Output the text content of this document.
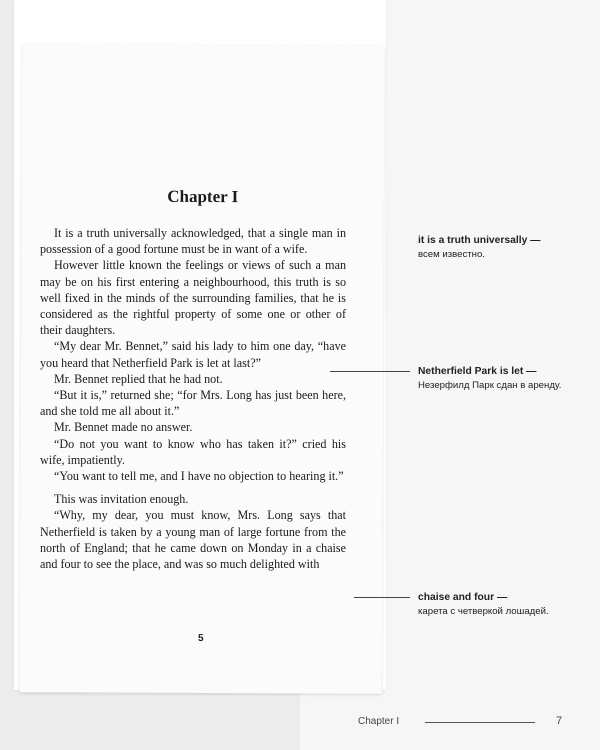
Chapter I
5

It is a truth universally acknowledged, that a single man in possession of a good fortune must be in want of a wife.

However little known the feelings or views of such a man may be on his first entering a neighbourhood, this truth is so well fixed in the minds of the surrounding families, that he is considered as the rightful property of some one or other of their daughters.

“My dear Mr. Bennet,” said his lady to him one day, “have you heard that Netherfield Park is let at last?”

Mr. Bennet replied that he had not.

“But it is,” returned she; “for Mrs. Long has just been here, and she told me all about it.”

Mr. Bennet made no answer.

“Do not you want to know who has taken it?” cried his wife, impatiently.

“You want to tell me, and I have no objection to hearing it.”

This was invitation enough.

“Why, my dear, you must know, Mrs. Long says that Netherfield is taken by a young man of large fortune from the north of England; that he came down on Monday in a chaise and four to see the place, and was so much delighted with

it is a truth universally —
всем известно.
Netherfield Park is let —
Незерфилд Парк сдан в аренду.
chaise and four —
карета с четверкой лошадей.
Chapter I	7
